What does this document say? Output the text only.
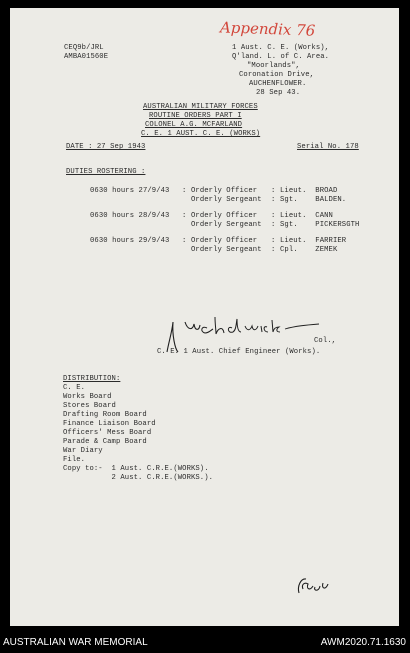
Appendix 76
CEQ9b/JRL
AMBA01560E
1 Aust. C. E. (Works),
Q'land. L. of C. Area.
"Moorlands",
Coronation Drive,
AUCHENFLOWER.
28 Sep 43.
AUSTRALIAN MILITARY FORCES
ROUTINE ORDERS PART I
COLONEL A.G. MCFARLAND
C. E. 1 AUST. C. E. (WORKS)
DATE : 27 Sep 1943	Serial No. 178
DUTIES ROSTERING :
0630 hours 27/9/43 : Orderly Officer : Lieut.  BROAD
Orderly Sergeant : Sgt.    BALDEN.
0630 hours 28/9/43 : Orderly Officer : Lieut.  CANN
Orderly Sergeant : Sgt.    PICKERSGTH
0630 hours 29/9/43 : Orderly Officer : Lieut.  FARRIER
Orderly Sergeant : Cpl.    ZEMEK
Col.,
C. E. 1 Aust. Chief Engineer (Works).
DISTRIBUTION:
C. E.
Works Board
Stores Board
Drafting Room Board
Finance Liaison Board
Officers' Mess Board
Parade & Camp Board
War Diary
File.
Copy to:-  1 Aust. C.R.E.(WORKS).
2 Aust. C.R.E.(WORKS.).
AUSTRALIAN WAR MEMORIAL	AWM2020.71.1630
